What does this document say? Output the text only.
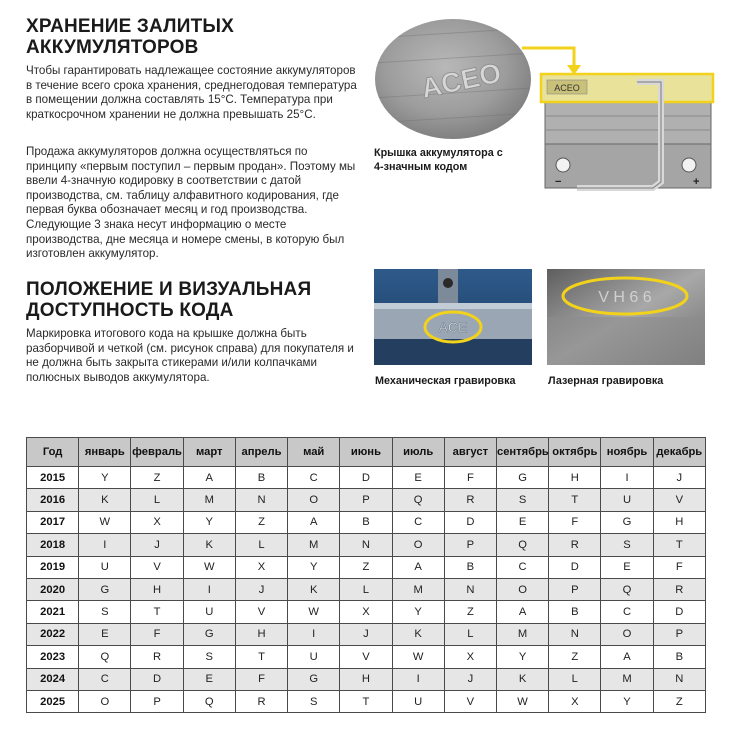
ХРАНЕНИЕ ЗАЛИТЫХ
АККУМУЛЯТОРОВ
Чтобы гарантировать надлежащее состояние аккумуляторов в течение всего срока хранения, среднегодовая температура в помещении должна составлять 15°С. Температура при краткосрочном хранении не должна превышать 25°С.
Продажа аккумуляторов должна осуществляться по принципу «первым поступил – первым продан». Поэтому мы ввели 4-значную кодировку в соответствии с датой производства, см. таблицу алфавитного кодирования, где первая буква обозначает месяц и год производства. Следующие 3 знака несут информацию о месте производства, дне месяца и номере смены, в которую был изготовлен аккумулятор.
ПОЛОЖЕНИЕ И ВИЗУАЛЬНАЯ
ДОСТУПНОСТЬ КОДА
Маркировка итогового кода на крышке должна быть разборчивой и четкой (см. рисунок справа) для покупателя и не должна быть закрыта стикерами и/или колпачками полюсных выводов аккумулятора.
ACEO	ACEO
−	+
Крышка аккумулятора с
4-значным кодом
ACE
Механическая гравировка
V H 6 6
Лазерная гравировка
Год	январь	февраль	март	апрель	май	июнь	июль	август	сентябрь	октябрь	ноябрь	декабрь
2015	Y	Z	A	B	C	D	E	F	G	H	I	J
2016	K	L	M	N	O	P	Q	R	S	T	U	V
2017	W	X	Y	Z	A	B	C	D	E	F	G	H
2018	I	J	K	L	M	N	O	P	Q	R	S	T
2019	U	V	W	X	Y	Z	A	B	C	D	E	F
2020	G	H	I	J	K	L	M	N	O	P	Q	R
2021	S	T	U	V	W	X	Y	Z	A	B	C	D
2022	E	F	G	H	I	J	K	L	M	N	O	P
2023	Q	R	S	T	U	V	W	X	Y	Z	A	B
2024	C	D	E	F	G	H	I	J	K	L	M	N
2025	O	P	Q	R	S	T	U	V	W	X	Y	Z
